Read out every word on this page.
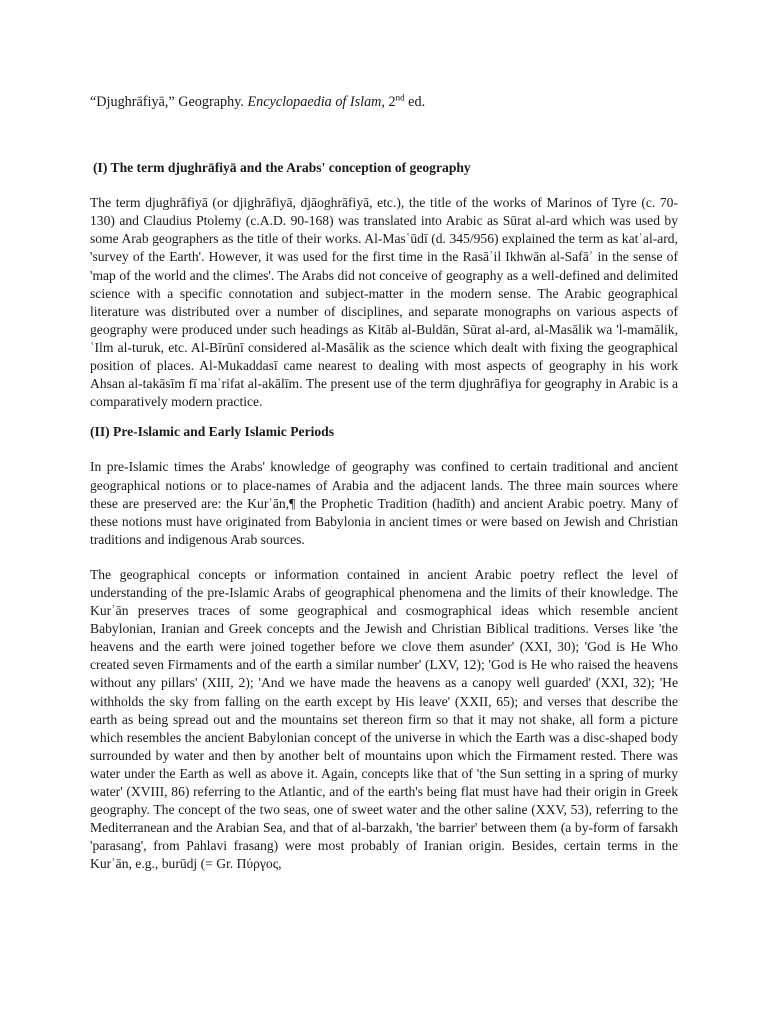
“Djughrāfiyā,” Geography. Encyclopaedia of Islam, 2nd ed.

(I) The term djughrāfiyā and the Arabs' conception of geography

The term djughrāfiyā (or djighrāfiyā, djāoghrāfiyā, etc.), the title of the works of Marinos of Tyre (c. 70-130) and Claudius Ptolemy (c.A.D. 90-168) was translated into Arabic as Sūrat al-ard which was used by some Arab geographers as the title of their works. Al-Masʿūdī (d. 345/956) explained the term as katʿal-ard, 'survey of the Earth'. However, it was used for the first time in the Rasāʾil Ikhwān al-Safāʾ in the sense of 'map of the world and the climes'. The Arabs did not conceive of geography as a well-defined and delimited science with a specific connotation and subject-matter in the modern sense. The Arabic geographical literature was distributed over a number of disciplines, and separate monographs on various aspects of geography were produced under such headings as Kitāb al-Buldān, Sūrat al-ard, al-Masālik wa 'l-mamālik, ʿIlm al-turuk, etc. Al-Bīrūnī considered al-Masālik as the science which dealt with fixing the geographical position of places. Al-Mukaddasī came nearest to dealing with most aspects of geography in his work Ahsan al-takāsīm fī maʿrifat al-akālīm. The present use of the term djughrāfiya for geography in Arabic is a comparatively modern practice.

(II) Pre-Islamic and Early Islamic Periods

In pre-Islamic times the Arabs' knowledge of geography was confined to certain traditional and ancient geographical notions or to place-names of Arabia and the adjacent lands. The three main sources where these are preserved are: the Kurʾān,¶ the Prophetic Tradition (hadīth) and ancient Arabic poetry. Many of these notions must have originated from Babylonia in ancient times or were based on Jewish and Christian traditions and indigenous Arab sources.

The geographical concepts or information contained in ancient Arabic poetry reflect the level of understanding of the pre-Islamic Arabs of geographical phenomena and the limits of their knowledge. The Kurʾān preserves traces of some geographical and cosmographical ideas which resemble ancient Babylonian, Iranian and Greek concepts and the Jewish and Christian Biblical traditions. Verses like 'the heavens and the earth were joined together before we clove them asunder' (XXI, 30); 'God is He Who created seven Firmaments and of the earth a similar number' (LXV, 12); 'God is He who raised the heavens without any pillars' (XIII, 2); 'And we have made the heavens as a canopy well guarded' (XXI, 32); 'He withholds the sky from falling on the earth except by His leave' (XXII, 65); and verses that describe the earth as being spread out and the mountains set thereon firm so that it may not shake, all form a picture which resembles the ancient Babylonian concept of the universe in which the Earth was a disc-shaped body surrounded by water and then by another belt of mountains upon which the Firmament rested. There was water under the Earth as well as above it. Again, concepts like that of 'the Sun setting in a spring of murky water' (XVIII, 86) referring to the Atlantic, and of the earth's being flat must have had their origin in Greek geography. The concept of the two seas, one of sweet water and the other saline (XXV, 53), referring to the Mediterranean and the Arabian Sea, and that of al-barzakh, 'the barrier' between them (a by-form of farsakh 'parasang', from Pahlavi frasang) were most probably of Iranian origin. Besides, certain terms in the Kurʾān, e.g., burūdj (= Gr. Πύργος,
